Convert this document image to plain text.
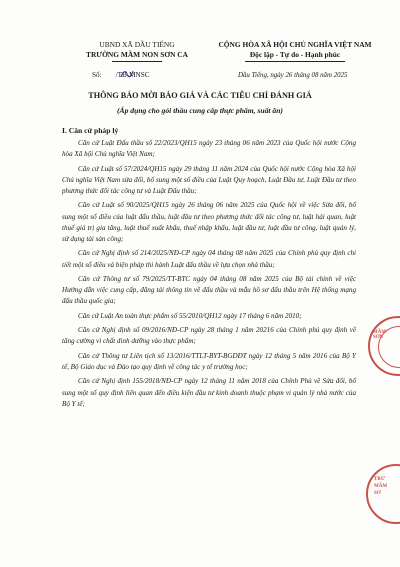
UBND XÃ DẦU TIẾNG
TRƯỜNG MẦM NON SƠN CA
CỘNG HÒA XÃ HỘI CHỦ NGHĨA VIỆT NAM
Độc lập - Tự do - Hạnh phúc
Số: /TB-MNSC	Dầu Tiếng, ngày 26 tháng 08 năm 2025
THÔNG BÁO MỜI BÁO GIÁ VÀ CÁC TIÊU CHÍ ĐÁNH GIÁ
(Áp dụng cho gói thầu cung cấp thực phẩm, suất ăn)
I. Căn cứ pháp lý

Căn cứ Luật Đấu thầu số 22/2023/QH15 ngày 23 tháng 06 năm 2023 của Quốc hội nước Cộng hòa Xã hội Chủ nghĩa Việt Nam;

Căn cứ Luật số 57/2024/QH15 ngày 29 tháng 11 năm 2024 của Quốc hội nước Cộng hòa Xã hội Chủ nghĩa Việt Nam sửa đổi, bổ sung một số điều của Luật Quy hoạch, Luật Đầu tư, Luật Đầu tư theo phương thức đối tác công tư và Luật Đấu thầu;

Căn cứ Luật số 90/2025/QH15 ngày 26 tháng 06 năm 2025 của Quốc hội về việc Sửa đổi, bổ sung một số điều của luật đấu thầu, luật đầu tư theo phương thức đối tác công tư, luật hải quan, luật thuế giá trị gia tăng, luật thuế xuất khẩu, thuế nhập khẩu, luật đầu tư, luật đầu tư công, luật quản lý, sử dụng tài sản công;

Căn cứ Nghị định số 214/2025/NĐ-CP ngày 04 tháng 08 năm 2025 của Chính phủ quy định chi tiết một số điều và biện pháp thi hành Luật đấu thầu về lựa chọn nhà thầu;

Căn cứ Thông tư số 79/2025/TT-BTC ngày 04 tháng 08 năm 2025 của Bộ tài chính về việc Hướng dẫn việc cung cấp, đăng tải thông tin về đấu thầu và mẫu hồ sơ đấu thầu trên Hệ thống mạng đấu thầu quốc gia;

Căn cứ Luật An toàn thực phẩm số 55/2010/QH12 ngày 17 tháng 6 năm 2010;

Căn cứ Nghị định số 09/2016/NĐ-CP ngày 28 tháng 1 năm 20216 của Chính phủ quy định về tăng cường vi chất dinh dưỡng vào thực phẩm;

Căn cứ Thông tư Liên tịch số 13/2016/TTLT-BYT-BGDĐT ngày 12 tháng 5 năm 2016 của Bộ Y tế, Bộ Giáo dục và Đào tạo quy định về công tác y tế trường học;

Căn cứ Nghị định 155/2018/NĐ-CP ngày 12 tháng 11 năm 2018 của Chính Phủ về Sửa đổi, bổ sung một số quy định liên quan đến điều kiện đầu tư kinh doanh thuộc phạm vi quản lý nhà nước của Bộ Y tế;

MẦM
SƠN
TRƯ
MẦM
SƠ
